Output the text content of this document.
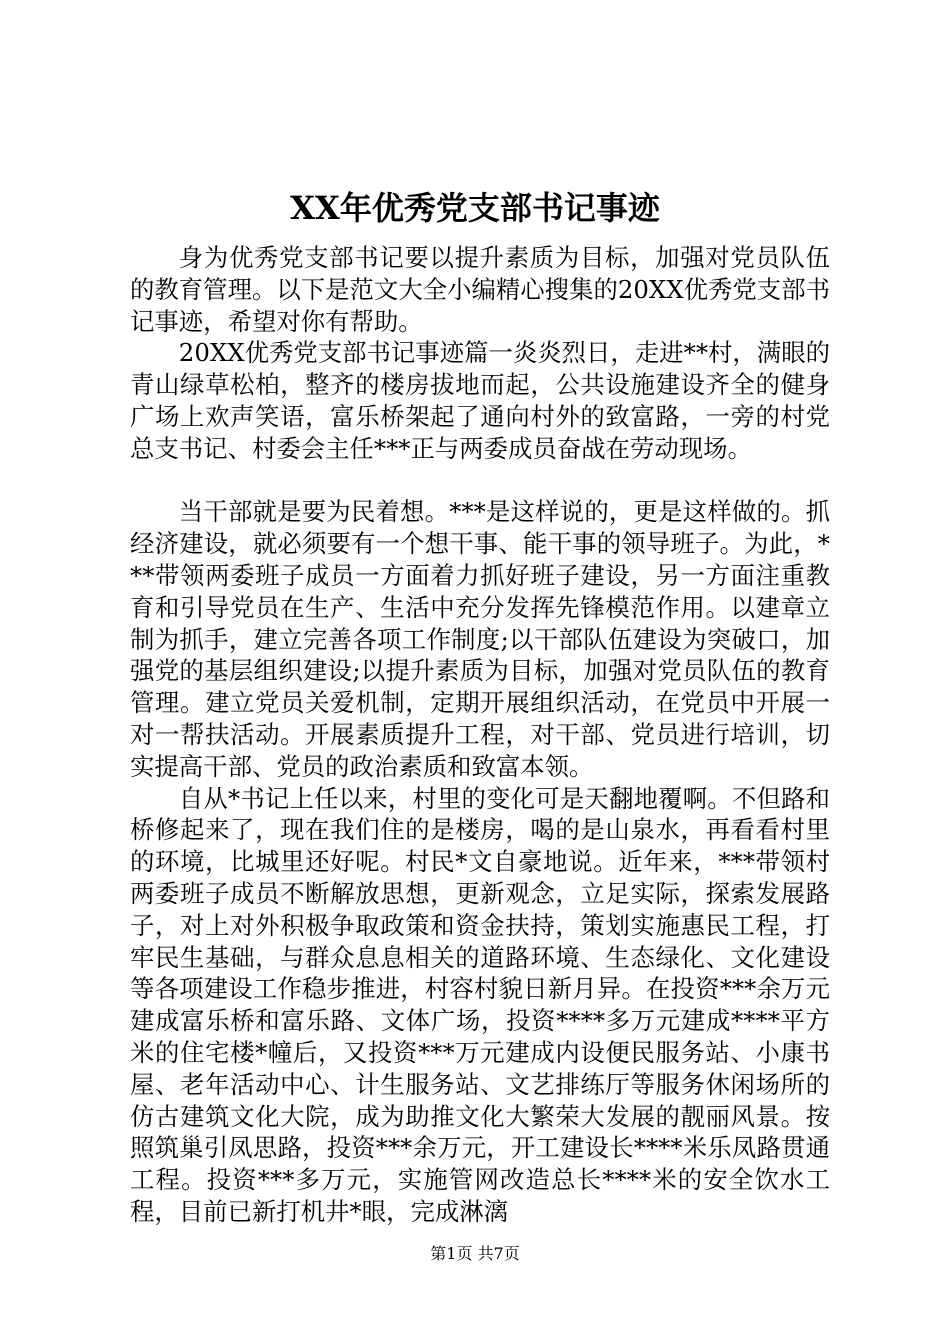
XX年优秀党支部书记事迹

身为优秀党支部书记要以提升素质为目标，加强对党员队伍的教育管理。以下是范文大全小编精心搜集的20XX优秀党支部书记事迹，希望对你有帮助。

20XX优秀党支部书记事迹篇一炎炎烈日，走进**村，满眼的青山绿草松柏，整齐的楼房拔地而起，公共设施建设齐全的健身广场上欢声笑语，富乐桥架起了通向村外的致富路，一旁的村党总支书记、村委会主任***正与两委成员奋战在劳动现场。

当干部就是要为民着想。***是这样说的，更是这样做的。抓经济建设，就必须要有一个想干事、能干事的领导班子。为此，***带领两委班子成员一方面着力抓好班子建设，另一方面注重教育和引导党员在生产、生活中充分发挥先锋模范作用。以建章立制为抓手，建立完善各项工作制度;以干部队伍建设为突破口，加强党的基层组织建设;以提升素质为目标，加强对党员队伍的教育管理。建立党员关爱机制，定期开展组织活动，在党员中开展一对一帮扶活动。开展素质提升工程，对干部、党员进行培训，切实提高干部、党员的政治素质和致富本领。

自从*书记上任以来，村里的变化可是天翻地覆啊。不但路和桥修起来了，现在我们住的是楼房，喝的是山泉水，再看看村里的环境，比城里还好呢。村民*文自豪地说。近年来，***带领村两委班子成员不断解放思想，更新观念，立足实际，探索发展路子，对上对外积极争取政策和资金扶持，策划实施惠民工程，打牢民生基础，与群众息息相关的道路环境、生态绿化、文化建设等各项建设工作稳步推进，村容村貌日新月异。在投资***余万元建成富乐桥和富乐路、文体广场，投资****多万元建成****平方米的住宅楼*幢后，又投资***万元建成内设便民服务站、小康书屋、老年活动中心、计生服务站、文艺排练厅等服务休闲场所的仿古建筑文化大院，成为助推文化大繁荣大发展的靓丽风景。按照筑巢引凤思路，投资***余万元，开工建设长****米乐凤路贯通工程。投资***多万元，实施管网改造总长****米的安全饮水工程，目前已新打机井*眼，完成淋漓

第1页 共7页
